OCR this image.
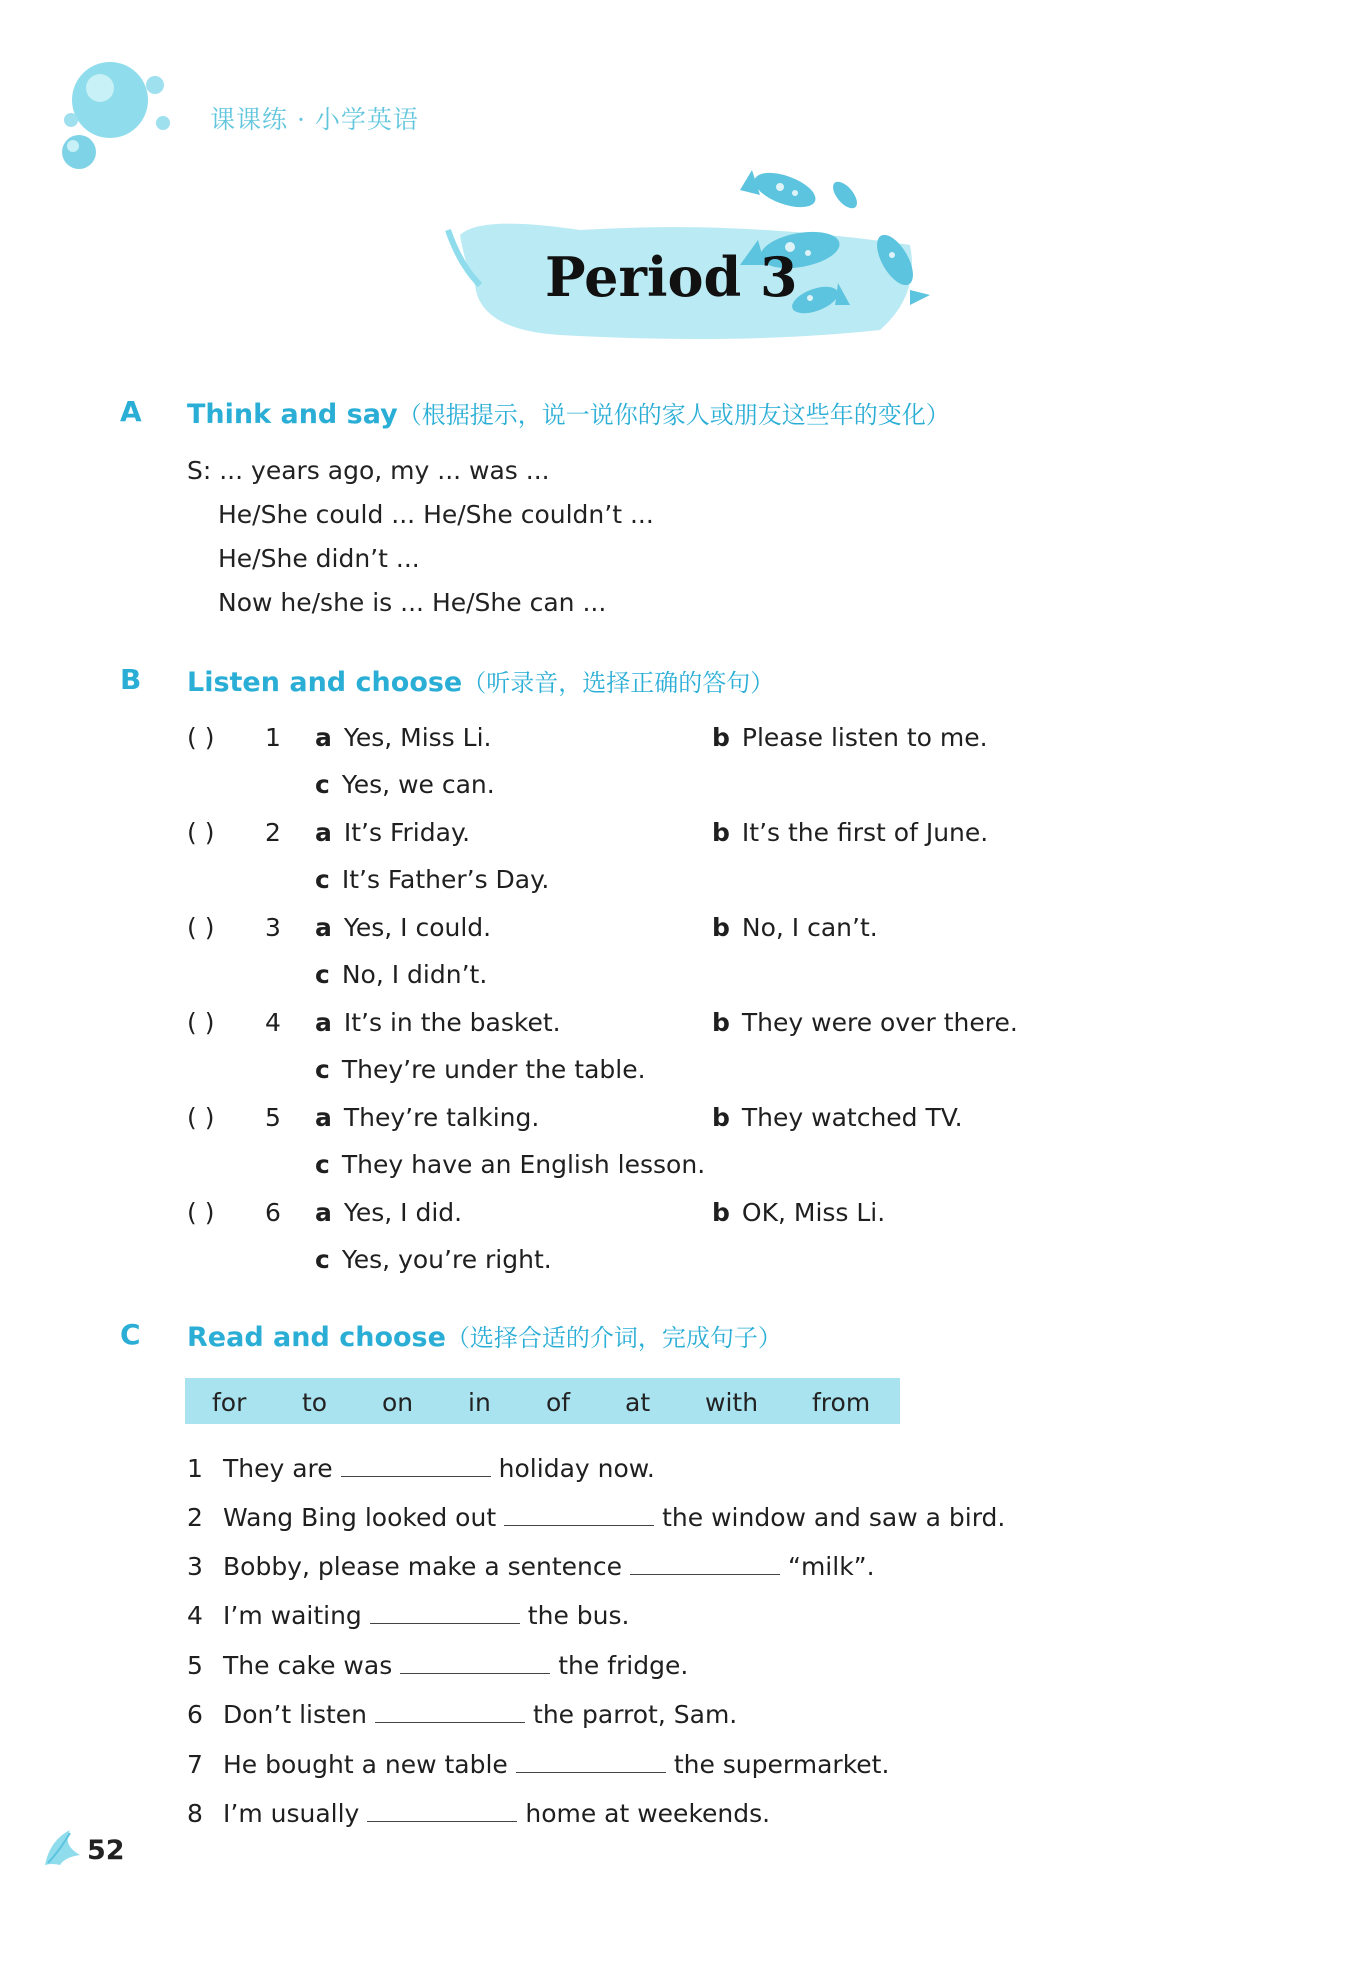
课课练 · 小学英语
Period 3
A Think and say（根据提示，说一说你的家人或朋友这些年的变化）
S: ... years ago, my ... was ...
He/She could ... He/She couldn’t ...
He/She didn’t ...
Now he/she is ... He/She can ...
B Listen and choose（听录音，选择正确的答句）
( ) 1 a Yes, Miss Li.	b Please listen to me.
c Yes, we can.
( ) 2 a It’s Friday.	b It’s the first of June.
c It’s Father’s Day.
( ) 3 a Yes, I could.	b No, I can’t.
c No, I didn’t.
( ) 4 a It’s in the basket.	b They were over there.
c They’re under the table.
( ) 5 a They’re talking.	b They watched TV.
c They have an English lesson.
( ) 6 a Yes, I did.	b OK, Miss Li.
c Yes, you’re right.
C Read and choose（选择合适的介词，完成句子）
for to on in of at with from
1 They are	holiday now.
2 Wang Bing looked out	the window and saw a bird.
3 Bobby, please make a sentence	“milk”.
4 I’m waiting	the bus.
5 The cake was	the fridge.
6 Don’t listen	the parrot, Sam.
7 He bought a new table	the supermarket.
8 I’m usually	home at weekends.
52
